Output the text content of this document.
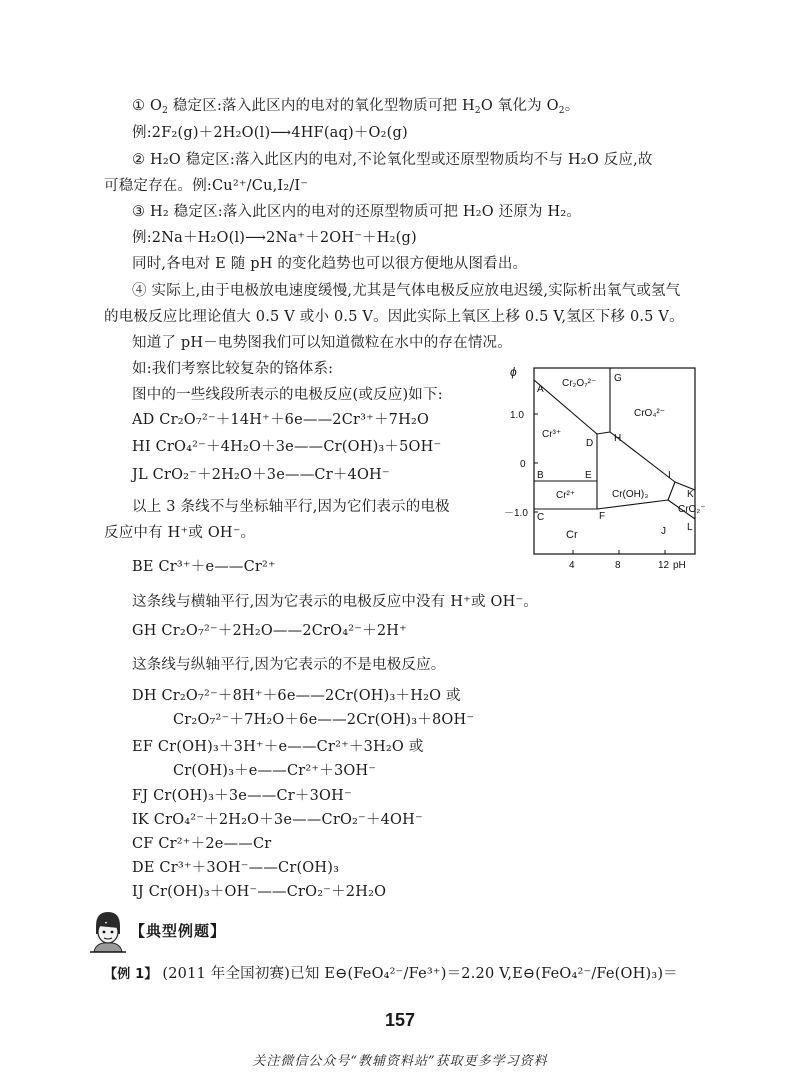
① $O_2$ 稳定区:落入此区内的电对的氧化型物质可把 $H_2O$ 氧化为 $O_2$。
例:2F₂(g)＋2H₂O(l)⟶4HF(aq)＋O₂(g)
② H₂O 稳定区:落入此区内的电对,不论氧化型或还原型物质均不与 H₂O 反应,故
可稳定存在。例:Cu²⁺/Cu,I₂/I⁻
③ H₂ 稳定区:落入此区内的电对的还原型物质可把 H₂O 还原为 H₂。
例:2Na＋H₂O(l)⟶2Na⁺＋2OH⁻＋H₂(g)
同时,各电对 E 随 pH 的变化趋势也可以很方便地从图看出。
④ 实际上,由于电极放电速度缓慢,尤其是气体电极反应放电迟缓,实际析出氧气或氢气
的电极反应比理论值大 0.5 V 或小 0.5 V。因此实际上氧区上移 0.5 V,氢区下移 0.5 V。
知道了 pH－电势图我们可以知道微粒在水中的存在情况。
如:我们考察比较复杂的铬体系:
图中的一些线段所表示的电极反应(或反应)如下:
AD Cr₂O₇²⁻＋14H⁺＋6e——2Cr³⁺＋7H₂O
HI CrO₄²⁻＋4H₂O＋3e——Cr(OH)₃＋5OH⁻
JL CrO₂⁻＋2H₂O＋3e——Cr＋4OH⁻
以上 3 条线不与坐标轴平行,因为它们表示的电极
反应中有 H⁺或 OH⁻。
BE Cr³⁺＋e——Cr²⁺
这条线与横轴平行,因为它表示的电极反应中没有 H⁺或 OH⁻。
GH Cr₂O₇²⁻＋2H₂O——2CrO₄²⁻＋2H⁺
这条线与纵轴平行,因为它表示的不是电极反应。
DH Cr₂O₇²⁻＋8H⁺＋6e——2Cr(OH)₃＋H₂O 或
Cr₂O₇²⁻＋7H₂O＋6e——2Cr(OH)₃＋8OH⁻
EF Cr(OH)₃＋3H⁺＋e——Cr²⁺＋3H₂O 或
Cr(OH)₃＋e——Cr²⁺＋3OH⁻
FJ Cr(OH)₃＋3e——Cr＋3OH⁻
IK CrO₄²⁻＋2H₂O＋3e——CrO₂⁻＋4OH⁻
CF Cr²⁺＋2e——Cr
DE Cr³⁺＋3OH⁻——Cr(OH)₃
IJ Cr(OH)₃＋OH⁻——CrO₂⁻＋2H₂O
ϕ
1.0
0
－1.0
4	8	12 pH
Cr₂O₇²⁻
CrO₄²⁻
Cr³⁺
Cr²⁺	Cr(OH)₃
CrO₂⁻
Cr
A
B
C
D
E
F
G
H
I
J
K
L
【典型例题】
【例 1】 (2011 年全国初赛)已知 E⊖(FeO₄²⁻/Fe³⁺)＝2.20 V,E⊖(FeO₄²⁻/Fe(OH)₃)＝
157
关注微信公众号“教辅资料站”获取更多学习资料
